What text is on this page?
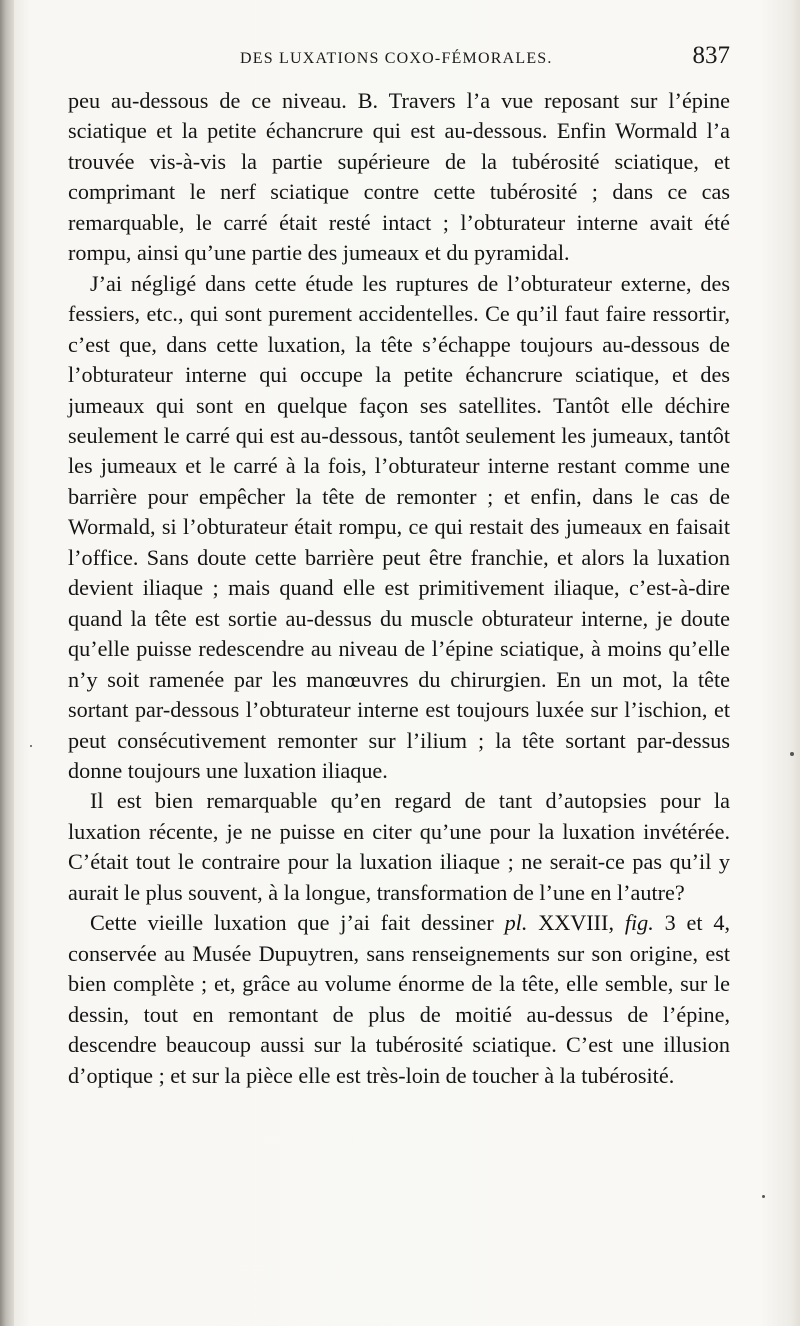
DES LUXATIONS COXO-FÉMORALES.	837

peu au-dessous de ce niveau. B. Travers l’a vue reposant sur l’épine sciatique et la petite échancrure qui est au-dessous. Enfin Wormald l’a trouvée vis-à-vis la partie supérieure de la tubérosité sciatique, et comprimant le nerf sciatique contre cette tubérosité ; dans ce cas remarquable, le carré était resté intact ; l’obturateur interne avait été rompu, ainsi qu’une partie des jumeaux et du pyramidal.

J’ai négligé dans cette étude les ruptures de l’obturateur externe, des fessiers, etc., qui sont purement accidentelles. Ce qu’il faut faire ressortir, c’est que, dans cette luxation, la tête s’échappe toujours au-dessous de l’obturateur interne qui occupe la petite échancrure sciatique, et des jumeaux qui sont en quelque façon ses satellites. Tantôt elle déchire seulement le carré qui est au-dessous, tantôt seulement les jumeaux, tantôt les jumeaux et le carré à la fois, l’obturateur interne restant comme une barrière pour empêcher la tête de remonter ; et enfin, dans le cas de Wormald, si l’obturateur était rompu, ce qui restait des jumeaux en faisait l’office. Sans doute cette barrière peut être franchie, et alors la luxation devient iliaque ; mais quand elle est primitivement iliaque, c’est-à-dire quand la tête est sortie au-dessus du muscle obturateur interne, je doute qu’elle puisse redescendre au niveau de l’épine sciatique, à moins qu’elle n’y soit ramenée par les manœuvres du chirurgien. En un mot, la tête sortant par-dessous l’obturateur interne est toujours luxée sur l’ischion, et peut consécutivement remonter sur l’ilium ; la tête sortant par-dessus donne toujours une luxation iliaque.

Il est bien remarquable qu’en regard de tant d’autopsies pour la luxation récente, je ne puisse en citer qu’une pour la luxation invétérée. C’était tout le contraire pour la luxation iliaque ; ne serait-ce pas qu’il y aurait le plus souvent, à la longue, transformation de l’une en l’autre?

Cette vieille luxation que j’ai fait dessiner pl. XXVIII, fig. 3 et 4, conservée au Musée Dupuytren, sans renseignements sur son origine, est bien complète ; et, grâce au volume énorme de la tête, elle semble, sur le dessin, tout en remontant de plus de moitié au-dessus de l’épine, descendre beaucoup aussi sur la tubérosité sciatique. C’est une illusion d’optique ; et sur la pièce elle est très-loin de toucher à la tubérosité.
